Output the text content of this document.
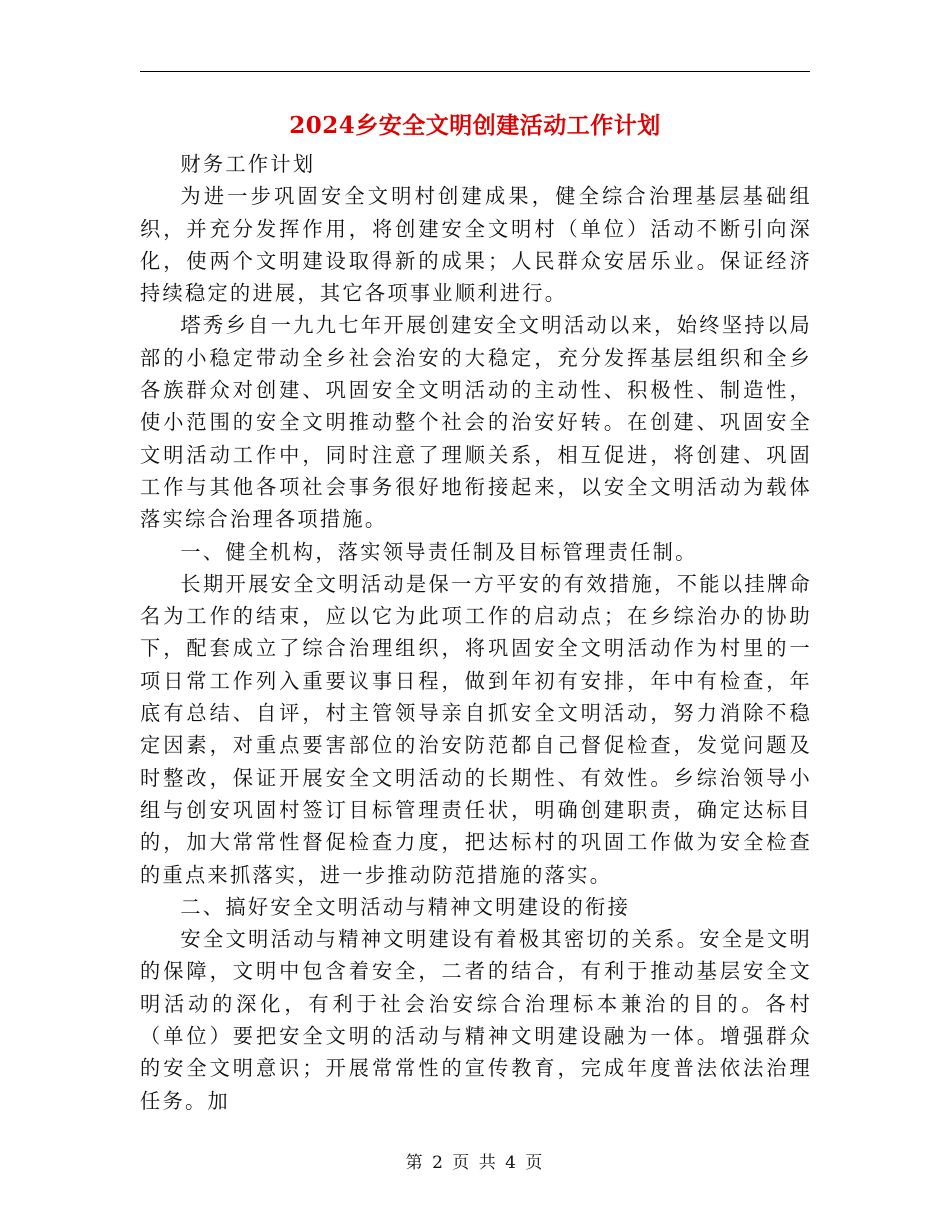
2024乡安全文明创建活动工作计划

财务工作计划

为进一步巩固安全文明村创建成果，健全综合治理基层基础组织，并充分发挥作用，将创建安全文明村（单位）活动不断引向深化，使两个文明建设取得新的成果；人民群众安居乐业。保证经济持续稳定的进展，其它各项事业顺利进行。

塔秀乡自一九九七年开展创建安全文明活动以来，始终坚持以局部的小稳定带动全乡社会治安的大稳定，充分发挥基层组织和全乡各族群众对创建、巩固安全文明活动的主动性、积极性、制造性，使小范围的安全文明推动整个社会的治安好转。在创建、巩固安全文明活动工作中，同时注意了理顺关系，相互促进，将创建、巩固工作与其他各项社会事务很好地衔接起来，以安全文明活动为载体落实综合治理各项措施。

一、健全机构，落实领导责任制及目标管理责任制。

长期开展安全文明活动是保一方平安的有效措施，不能以挂牌命名为工作的结束，应以它为此项工作的启动点；在乡综治办的协助下，配套成立了综合治理组织，将巩固安全文明活动作为村里的一项日常工作列入重要议事日程，做到年初有安排，年中有检查，年底有总结、自评，村主管领导亲自抓安全文明活动，努力消除不稳定因素，对重点要害部位的治安防范都自己督促检查，发觉问题及时整改，保证开展安全文明活动的长期性、有效性。乡综治领导小组与创安巩固村签订目标管理责任状，明确创建职责，确定达标目的，加大常常性督促检查力度，把达标村的巩固工作做为安全检查的重点来抓落实，进一步推动防范措施的落实。

二、搞好安全文明活动与精神文明建设的衔接

安全文明活动与精神文明建设有着极其密切的关系。安全是文明的保障，文明中包含着安全，二者的结合，有利于推动基层安全文明活动的深化，有利于社会治安综合治理标本兼治的目的。各村（单位）要把安全文明的活动与精神文明建设融为一体。增强群众的安全文明意识；开展常常性的宣传教育，完成年度普法依法治理任务。加

第 2 页 共 4 页
